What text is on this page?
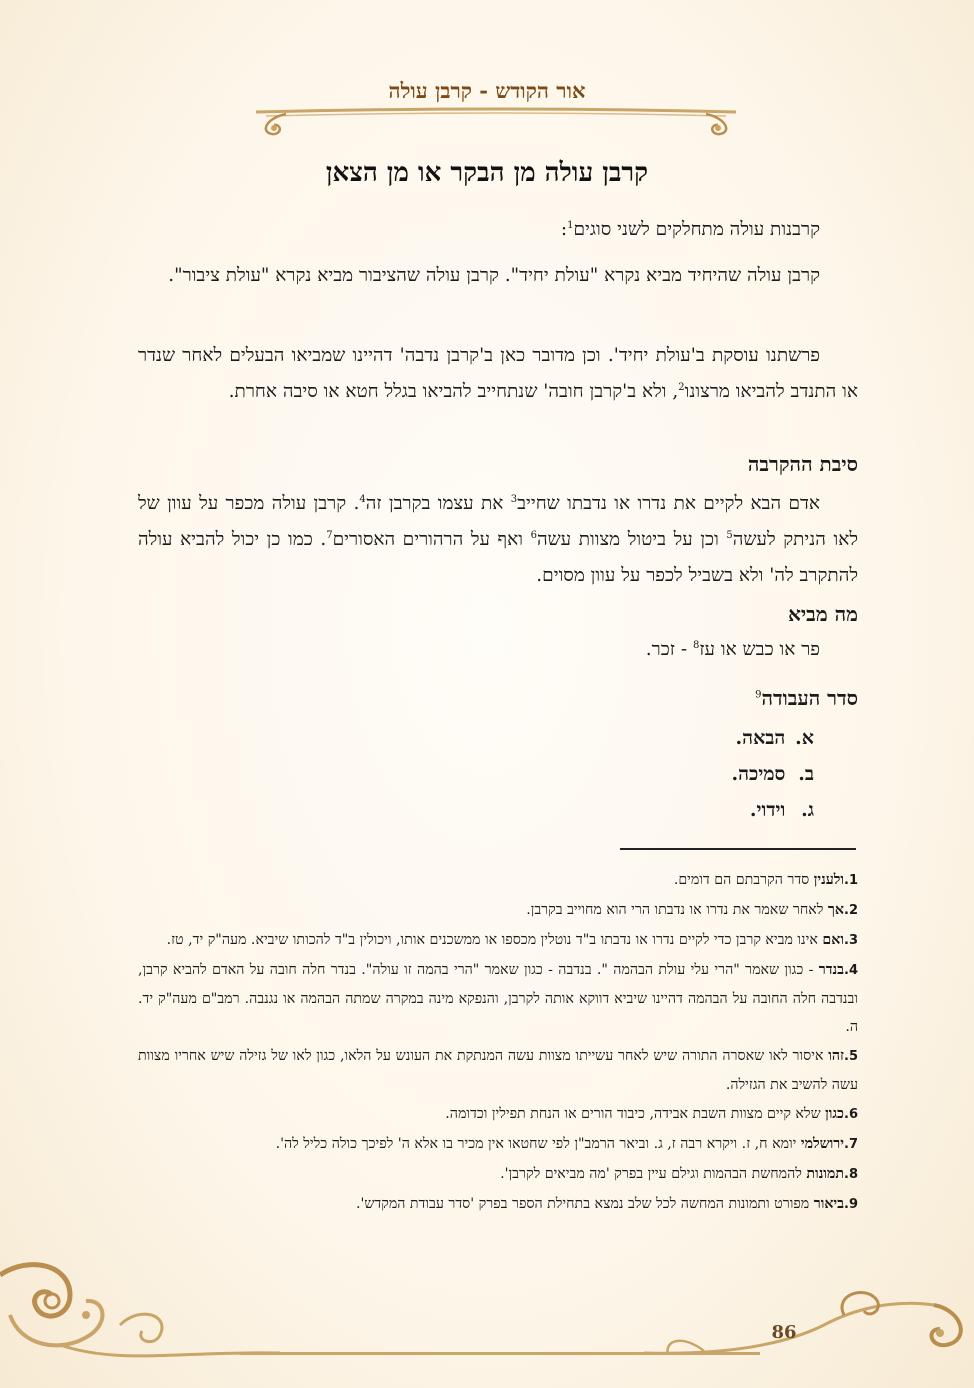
אור הקודש - קרבן עולה
קרבן עולה מן הבקר או מן הצאן

קרבנות עולה מתחלקים לשני סוגים$^1$:

קרבן עולה שהיחיד מביא נקרא "עולת יחיד". קרבן עולה שהציבור מביא נקרא "עולת ציבור".

פרשתנו עוסקת ב'עולת יחיד'. וכן מדובר כאן ב'קרבן נדבה' דהיינו שמביאו הבעלים לאחר שנדר או התנדב להביאו מרצונו$^2$, ולא ב'קרבן חובה' שנתחייב להביאו בגלל חטא או סיבה אחרת.

סיבת ההקרבה

אדם הבא לקיים את נדרו או נדבתו שחייב$^3$ את עצמו בקרבן זה$^4$. קרבן עולה מכפר על עוון של לאו הניתק לעשה$^5$ וכן על ביטול מצוות עשה$^6$ ואף על הרהורים האסורים$^7$. כמו כן יכול להביא עולה להתקרב לה' ולא בשביל לכפר על עוון מסוים.

מה מביא

פר או כבש או עז$^8$ - זכר.

סדר העבודה$^9$
א. הבאה.
ב. סמיכה.
ג. וידוי.

1.ולענין סדר הקרבתם הם דומים.

2.אך לאחר שאמר את נדרו או נדבתו הרי הוא מחוייב בקרבן.

3.ואם אינו מביא קרבן כדי לקיים נדרו או נדבתו ב"ד נוטלין מכספו או ממשכנים אותו, ויכולין ב"ד להכותו שיביא. מעה"ק יד, טז.

4.בנדר - כגון שאמר "הרי עלי עולת הבהמה ". בנדבה - כגון שאמר "הרי בהמה זו עולה". בנדר חלה חובה על האדם להביא קרבן, ובנדבה חלה החובה על הבהמה דהיינו שיביא דווקא אותה לקרבן, והנפקא מינה במקרה שמתה הבהמה או נגנבה. רמב"ם מעה"ק יד. ה.

5.זהו איסור לאו שאסרה התורה שיש לאחר עשייתו מצוות עשה המנתקת את העונש על הלאו, כגון לאו של גזילה שיש אחריו מצוות עשה להשיב את הגזילה.

6.כגון שלא קיים מצוות השבת אבידה, כיבוד הורים או הנחת תפילין וכדומה.

7.ירושלמי יומא ח, ז. ויקרא רבה ז, ג. וביאר הרמב"ן לפי שחטאו אין מכיר בו אלא ה' לפיכך כולה כליל לה'.

8.תמונות להמחשת הבהמות וגילם עיין בפרק 'מה מביאים לקרבן'.

9.ביאור מפורט ותמונות המחשה לכל שלב נמצא בתחילת הספר בפרק 'סדר עבודת המקדש'.

86
